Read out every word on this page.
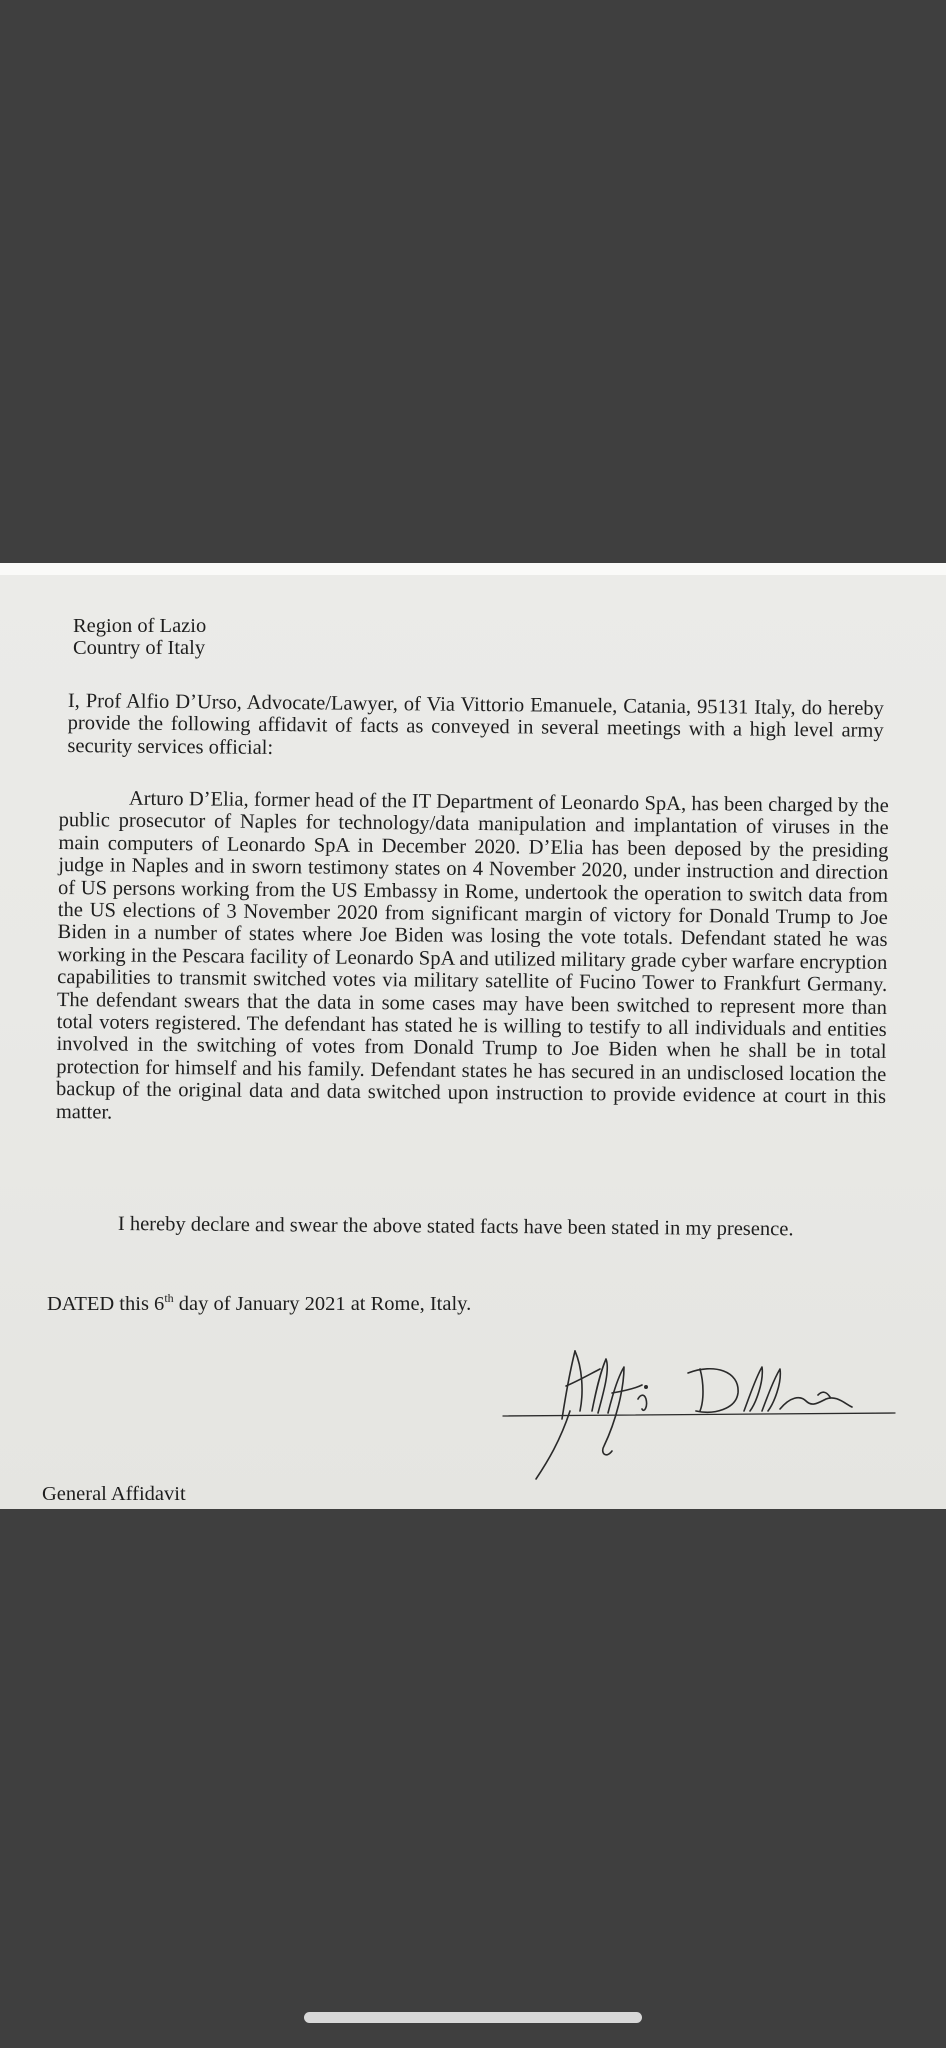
Region of Lazio
Country of Italy
I, Prof Alfio D’Urso, Advocate/Lawyer, of Via Vittorio Emanuele, Catania, 95131 Italy, do hereby provide the following affidavit of facts as conveyed in several meetings with a high level army security services official:
Arturo D’Elia, former head of the IT Department of Leonardo SpA, has been charged by the public prosecutor of Naples for technology/data manipulation and implantation of viruses in the main computers of Leonardo SpA in December 2020. D’Elia has been deposed by the presiding judge in Naples and in sworn testimony states on 4 November 2020, under instruction and direction of US persons working from the US Embassy in Rome, undertook the operation to switch data from the US elections of 3 November 2020 from significant margin of victory for Donald Trump to Joe Biden in a number of states where Joe Biden was losing the vote totals. Defendant stated he was working in the Pescara facility of Leonardo SpA and utilized military grade cyber warfare encryption capabilities to transmit switched votes via military satellite of Fucino Tower to Frankfurt Germany. The defendant swears that the data in some cases may have been switched to represent more than total voters registered. The defendant has stated he is willing to testify to all individuals and entities involved in the switching of votes from Donald Trump to Joe Biden when he shall be in total protection for himself and his family. Defendant states he has secured in an undisclosed location the backup of the original data and data switched upon instruction to provide evidence at court in this matter.
I hereby declare and swear the above stated facts have been stated in my presence.
DATED this 6th day of January 2021 at Rome, Italy.
General Affidavit
